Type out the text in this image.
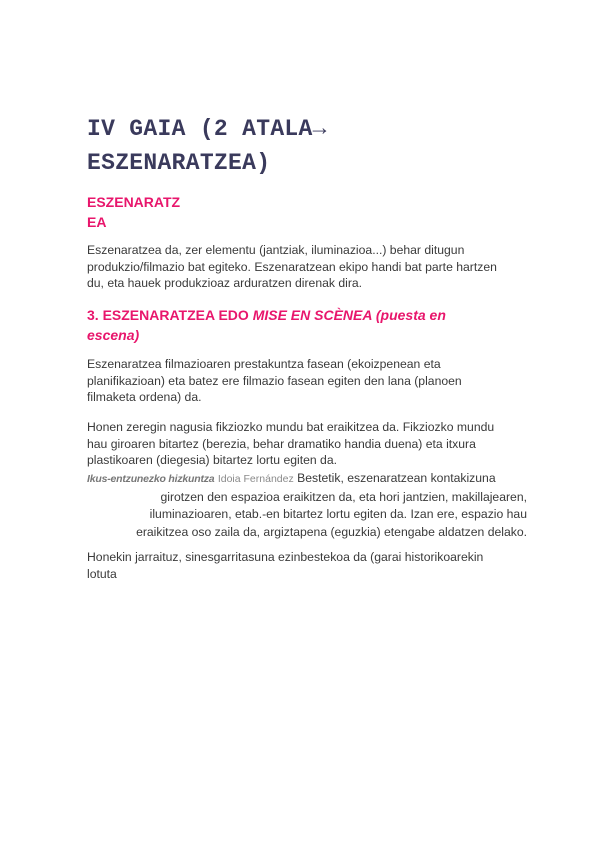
IV GAIA (2 ATALA→
ESZENARATZEA)
ESZENARATZ
EA
Eszenaratzea da, zer elementu (jantziak, iluminazioa...) behar ditugun
produkzio/filmazio bat egiteko. Eszenaratzean ekipo handi bat parte hartzen
du, eta hauek produkzioaz arduratzen direnak dira.
3. ESZENARATZEA EDO MISE EN SCÈNEA (puesta en
escena)
Eszenaratzea filmazioaren prestakuntza fasean (ekoizpenean eta
planifikazioan) eta batez ere filmazio fasean egiten den lana (planoen
filmaketa ordena) da.
Honen zeregin nagusia fikziozko mundu bat eraikitzea da. Fikziozko mundu
hau giroaren bitartez (berezia, behar dramatiko handia duena) eta itxura
plastikoaren (diegesia) bitartez lortu egiten da.
Ikus-entzunezko hizkuntza Idoia Fernández Bestetik, eszenaratzean kontakizuna
girotzen den espazioa eraikitzen da, eta hori jantzien, makillajearen,
iluminazioaren, etab.-en bitartez lortu egiten da. Izan ere, espazio hau
eraikitzea oso zaila da, argiztapena (eguzkia) etengabe aldatzen delako.
Honekin jarraituz, sinesgarritasuna ezinbestekoa da (garai historikoarekin
lotuta
